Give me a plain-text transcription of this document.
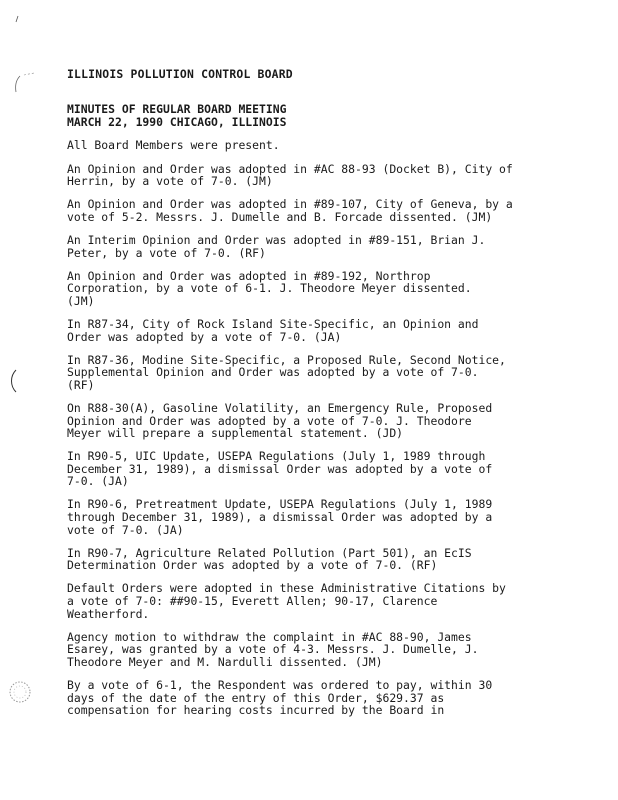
ILLINOIS POLLUTION CONTROL BOARD
MINUTES OF REGULAR BOARD MEETING
MARCH 22, 1990 CHICAGO, ILLINOIS

All Board Members were present.

An Opinion and Order was adopted in #AC 88-93 (Docket B), City of
Herrin, by a vote of 7-0. (JM)

An Opinion and Order was adopted in #89-107, City of Geneva, by a
vote of 5-2. Messrs. J. Dumelle and B. Forcade dissented. (JM)

An Interim Opinion and Order was adopted in #89-151, Brian J.
Peter, by a vote of 7-0. (RF)

An Opinion and Order was adopted in #89-192, Northrop
Corporation, by a vote of 6-1. J. Theodore Meyer dissented.
(JM)

In R87-34, City of Rock Island Site-Specific, an Opinion and
Order was adopted by a vote of 7-0. (JA)

In R87-36, Modine Site-Specific, a Proposed Rule, Second Notice,
Supplemental Opinion and Order was adopted by a vote of 7-0.
(RF)

On R88-30(A), Gasoline Volatility, an Emergency Rule, Proposed
Opinion and Order was adopted by a vote of 7-0. J. Theodore
Meyer will prepare a supplemental statement. (JD)

In R90-5, UIC Update, USEPA Regulations (July 1, 1989 through
December 31, 1989), a dismissal Order was adopted by a vote of
7-0. (JA)

In R90-6, Pretreatment Update, USEPA Regulations (July 1, 1989
through December 31, 1989), a dismissal Order was adopted by a
vote of 7-0. (JA)

In R90-7, Agriculture Related Pollution (Part 501), an EcIS
Determination Order was adopted by a vote of 7-0. (RF)

Default Orders were adopted in these Administrative Citations by
a vote of 7-0: ##90-15, Everett Allen; 90-17, Clarence
Weatherford.

Agency motion to withdraw the complaint in #AC 88-90, James
Esarey, was granted by a vote of 4-3. Messrs. J. Dumelle, J.
Theodore Meyer and M. Nardulli dissented. (JM)

By a vote of 6-1, the Respondent was ordered to pay, within 30
days of the date of the entry of this Order, $629.37 as
compensation for hearing costs incurred by the Board in
